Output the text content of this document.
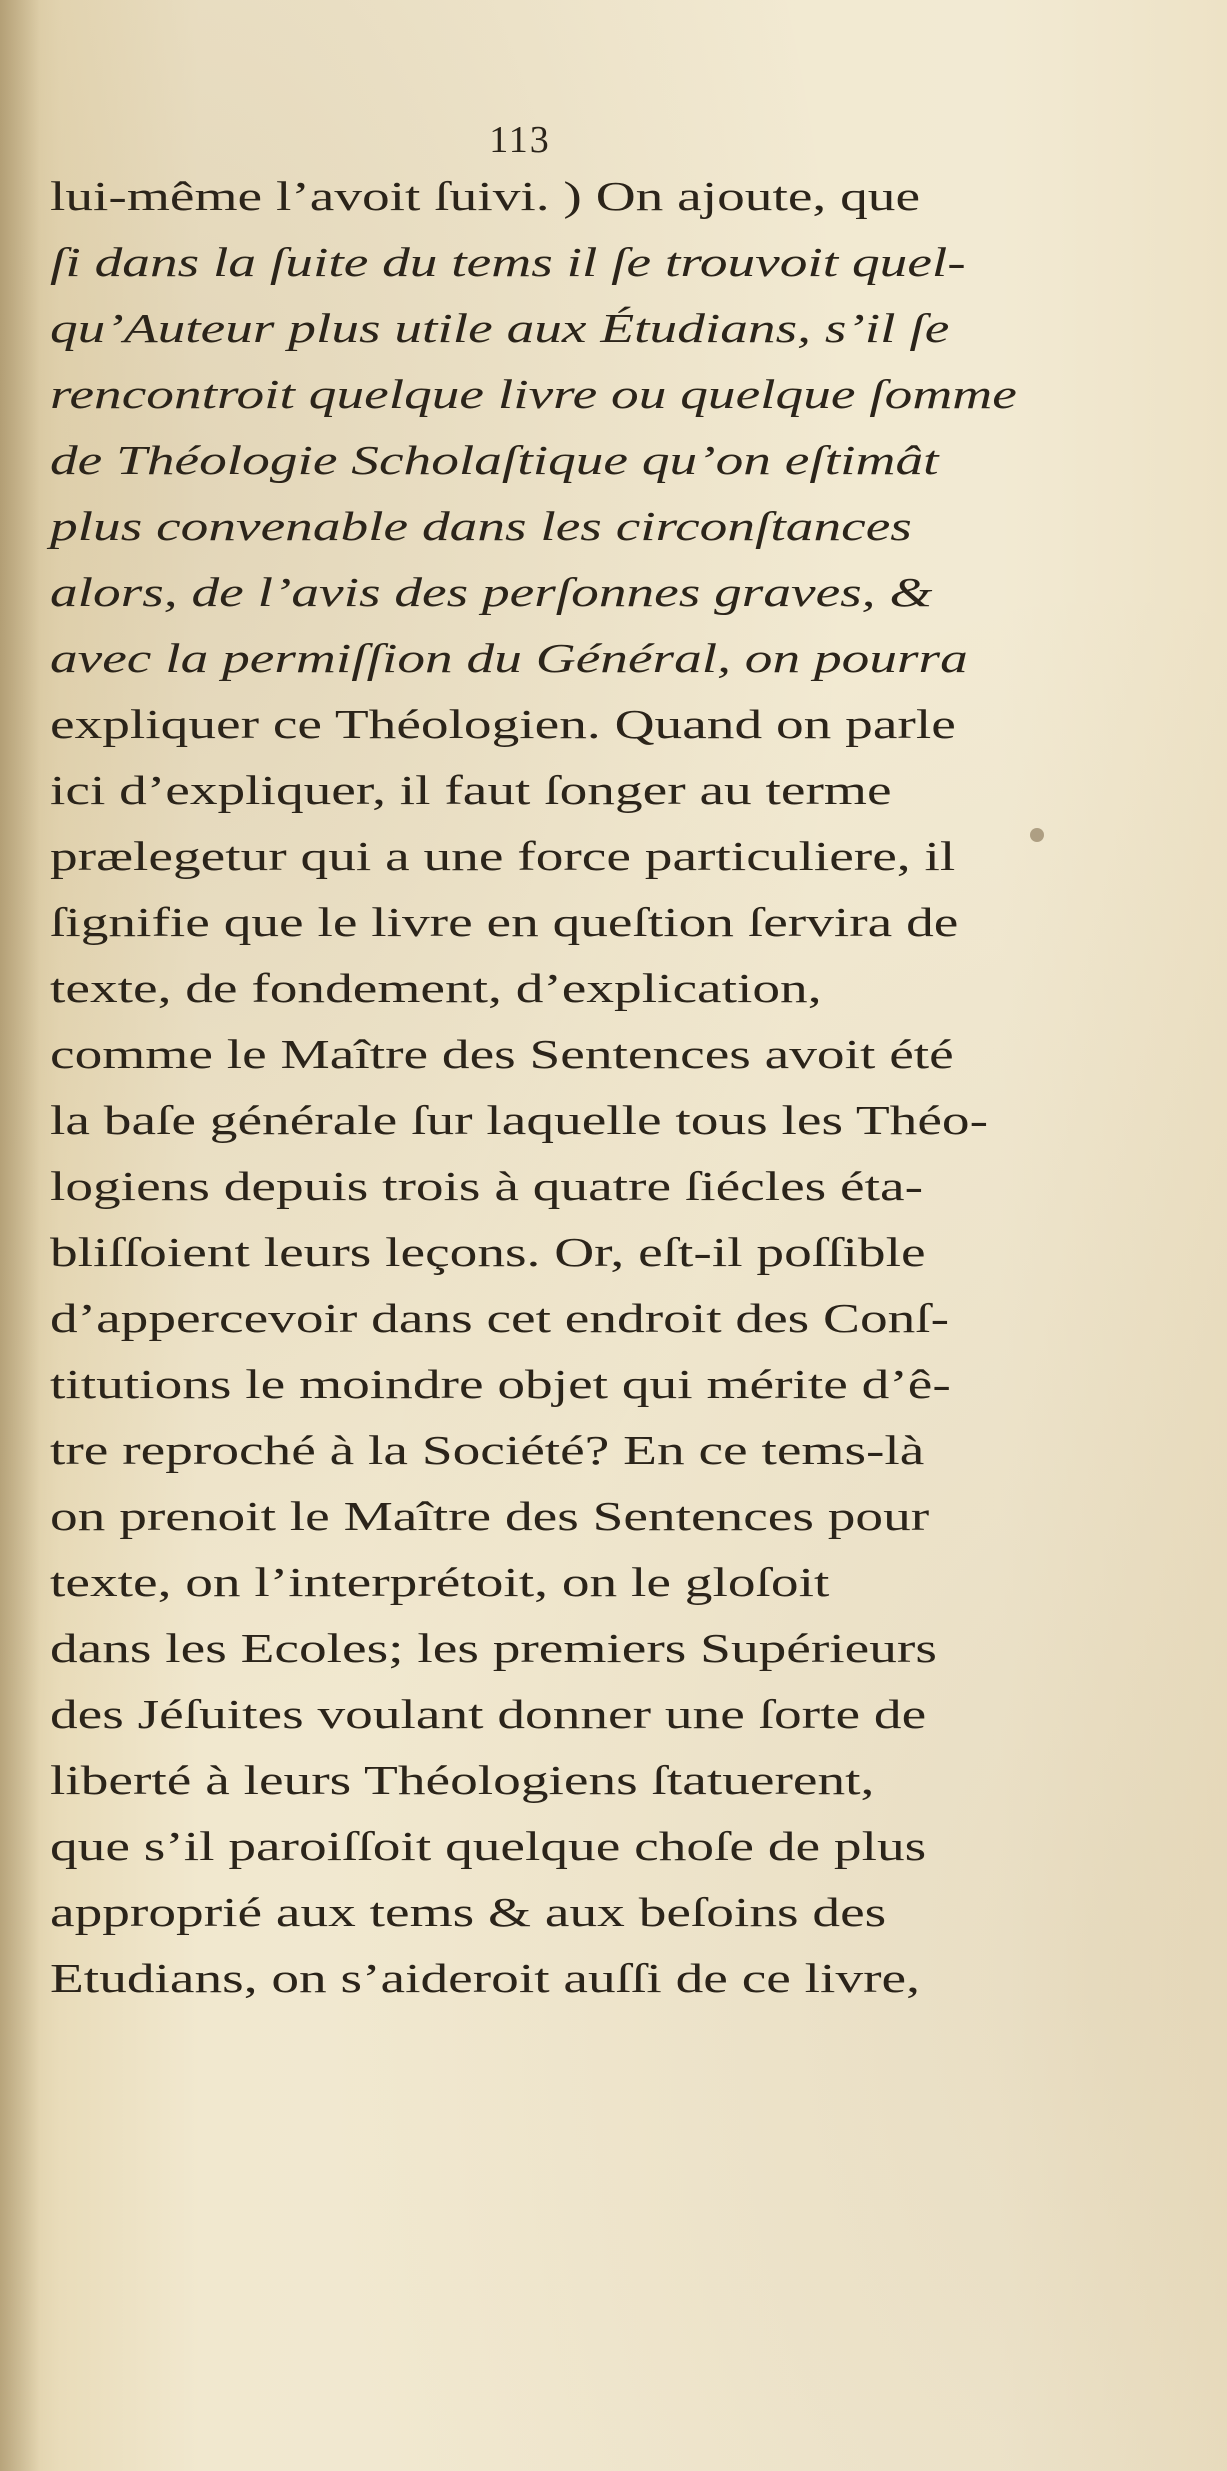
113
lui-même l’avoit ſuivi. ) On ajoute, que
ſi dans la ſuite du tems il ſe trouvoit quel-
qu’Auteur plus utile aux Étudians, s’il ſe
rencontroit quelque livre ou quelque ſomme
de Théologie Scholaſtique qu’on eſtimât
plus convenable dans les circonſtances
alors, de l’avis des perſonnes graves, &
avec la permiſſion du Général, on pourra
expliquer ce Théologien. Quand on parle
ici d’expliquer, il faut ſonger au terme
prælegetur qui a une force particuliere, il
ſignifie que le livre en queſtion ſervira de
texte, de fondement, d’explication,
comme le Maître des Sentences avoit été
la baſe générale ſur laquelle tous les Théo-
logiens depuis trois à quatre ſiécles éta-
bliſſoient leurs leçons. Or, eſt-il poſſible
d’appercevoir dans cet endroit des Conſ-
titutions le moindre objet qui mérite d’ê-
tre reproché à la Société? En ce tems-là
on prenoit le Maître des Sentences pour
texte, on l’interprétoit, on le gloſoit
dans les Ecoles; les premiers Supérieurs
des Jéſuites voulant donner une ſorte de
liberté à leurs Théologiens ſtatuerent,
que s’il paroiſſoit quelque choſe de plus
approprié aux tems & aux beſoins des
Etudians, on s’aideroit auſſi de ce livre,
